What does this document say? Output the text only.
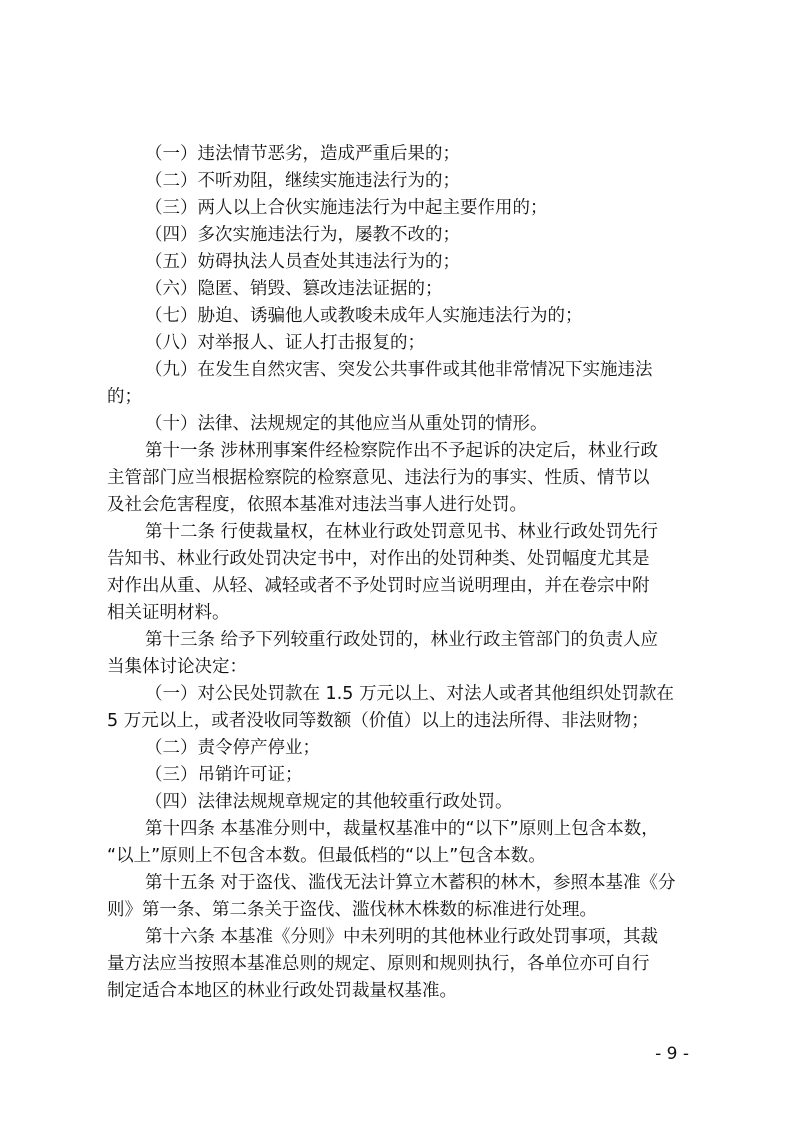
（一）违法情节恶劣，造成严重后果的；
（二）不听劝阻，继续实施违法行为的；
（三）两人以上合伙实施违法行为中起主要作用的；
（四）多次实施违法行为，屡教不改的；
（五）妨碍执法人员查处其违法行为的；
（六）隐匿、销毁、篡改违法证据的；
（七）胁迫、诱骗他人或教唆未成年人实施违法行为的；
（八）对举报人、证人打击报复的；
（九）在发生自然灾害、突发公共事件或其他非常情况下实施违法
的；
（十）法律、法规规定的其他应当从重处罚的情形。
第十一条 涉林刑事案件经检察院作出不予起诉的决定后，林业行政
主管部门应当根据检察院的检察意见、违法行为的事实、性质、情节以
及社会危害程度，依照本基准对违法当事人进行处罚。
第十二条 行使裁量权，在林业行政处罚意见书、林业行政处罚先行
告知书、林业行政处罚决定书中，对作出的处罚种类、处罚幅度尤其是
对作出从重、从轻、减轻或者不予处罚时应当说明理由，并在卷宗中附
相关证明材料。
第十三条 给予下列较重行政处罚的，林业行政主管部门的负责人应
当集体讨论决定：
（一）对公民处罚款在 1.5 万元以上、对法人或者其他组织处罚款在
5 万元以上，或者没收同等数额（价值）以上的违法所得、非法财物；
（二）责令停产停业；
（三）吊销许可证；
（四）法律法规规章规定的其他较重行政处罚。
第十四条 本基准分则中，裁量权基准中的“以下”原则上包含本数，
“以上”原则上不包含本数。但最低档的“以上”包含本数。
第十五条 对于盗伐、滥伐无法计算立木蓄积的林木，参照本基准《分
则》第一条、第二条关于盗伐、滥伐林木株数的标准进行处理。
第十六条 本基准《分则》中未列明的其他林业行政处罚事项，其裁
量方法应当按照本基准总则的规定、原则和规则执行，各单位亦可自行
制定适合本地区的林业行政处罚裁量权基准。
- 9 -
